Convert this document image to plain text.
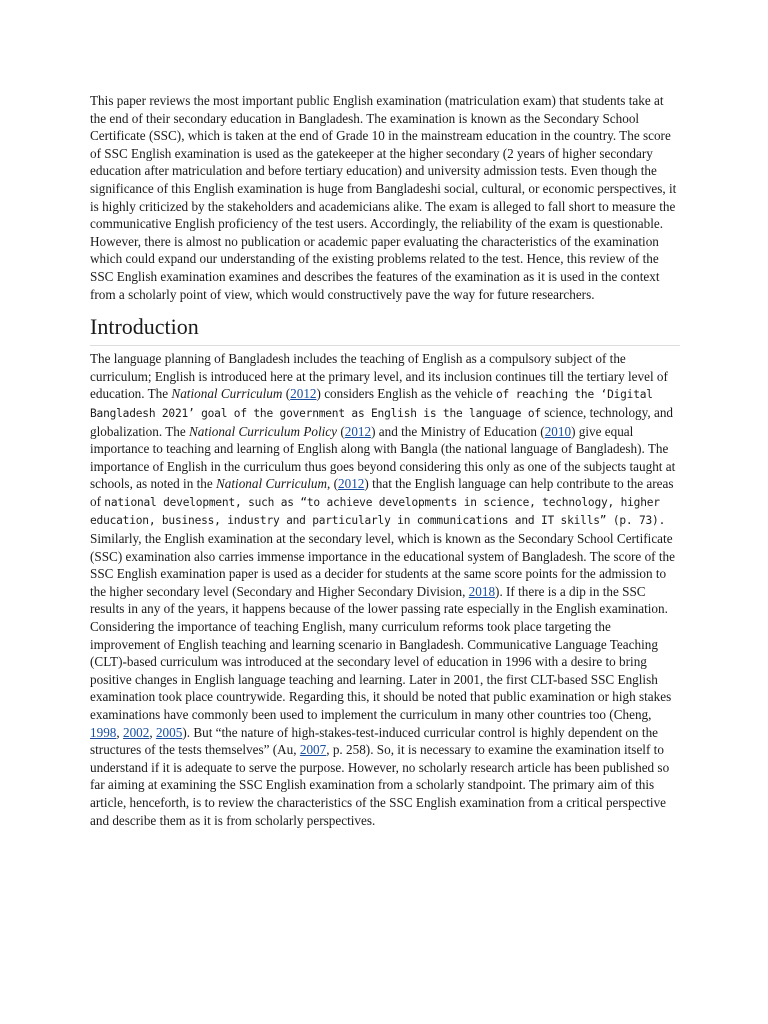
This paper reviews the most important public English examination (matriculation exam) that students take at the end of their secondary education in Bangladesh. The examination is known as the Secondary School Certificate (SSC), which is taken at the end of Grade 10 in the mainstream education in the country. The score of SSC English examination is used as the gatekeeper at the higher secondary (2 years of higher secondary education after matriculation and before tertiary education) and university admission tests. Even though the significance of this English examination is huge from Bangladeshi social, cultural, or economic perspectives, it is highly criticized by the stakeholders and academicians alike. The exam is alleged to fall short to measure the communicative English proficiency of the test users. Accordingly, the reliability of the exam is questionable. However, there is almost no publication or academic paper evaluating the characteristics of the examination which could expand our understanding of the existing problems related to the test. Hence, this review of the SSC English examination examines and describes the features of the examination as it is used in the context from a scholarly point of view, which would constructively pave the way for future researchers.

Introduction

The language planning of Bangladesh includes the teaching of English as a compulsory subject of the curriculum; English is introduced here at the primary level, and its inclusion continues till the tertiary level of education. The National Curriculum (2012) considers English as the vehicle of reaching the ‘Digital Bangladesh 2021’ goal of the government as English is the language of science, technology, and globalization. The National Curriculum Policy (2012) and the Ministry of Education (2010) give equal importance to teaching and learning of English along with Bangla (the national language of Bangladesh). The importance of English in the curriculum thus goes beyond considering this only as one of the subjects taught at schools, as noted in the National Curriculum, (2012) that the English language can help contribute to the areas of national development, such as “to achieve developments in science, technology, higher education, business, industry and particularly in communications and IT skills” (p. 73). Similarly, the English examination at the secondary level, which is known as the Secondary School Certificate (SSC) examination also carries immense importance in the educational system of Bangladesh. The score of the SSC English examination paper is used as a decider for students at the same score points for the admission to the higher secondary level (Secondary and Higher Secondary Division, 2018). If there is a dip in the SSC results in any of the years, it happens because of the lower passing rate especially in the English examination.

Considering the importance of teaching English, many curriculum reforms took place targeting the improvement of English teaching and learning scenario in Bangladesh. Communicative Language Teaching (CLT)-based curriculum was introduced at the secondary level of education in 1996 with a desire to bring positive changes in English language teaching and learning. Later in 2001, the first CLT-based SSC English examination took place countrywide. Regarding this, it should be noted that public examination or high stakes examinations have commonly been used to implement the curriculum in many other countries too (Cheng, 1998, 2002, 2005). But “the nature of high-stakes-test-induced curricular control is highly dependent on the structures of the tests themselves” (Au, 2007, p. 258). So, it is necessary to examine the examination itself to understand if it is adequate to serve the purpose. However, no scholarly research article has been published so far aiming at examining the SSC English examination from a scholarly standpoint. The primary aim of this article, henceforth, is to review the characteristics of the SSC English examination from a critical perspective and describe them as it is from scholarly perspectives.
